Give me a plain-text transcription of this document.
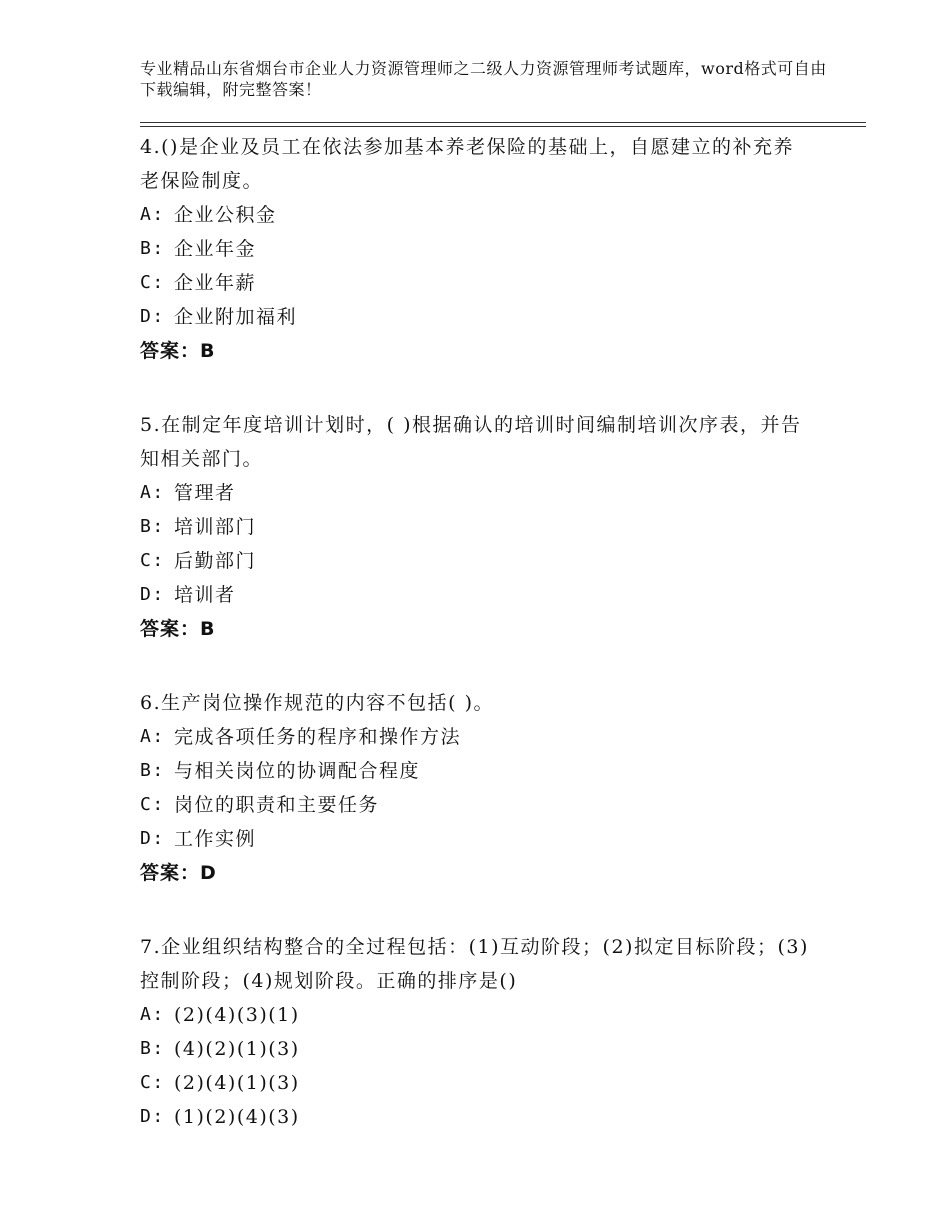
专业精品山东省烟台市企业人力资源管理师之二级人力资源管理师考试题库，word格式可自由下载编辑，附完整答案！
4.()是企业及员工在依法参加基本养老保险的基础上，自愿建立的补充养老保险制度。
A: 企业公积金
B: 企业年金
C: 企业年薪
D: 企业附加福利
答案：B
5.在制定年度培训计划时，( )根据确认的培训时间编制培训次序表，并告知相关部门。
A: 管理者
B: 培训部门
C: 后勤部门
D: 培训者
答案：B
6.生产岗位操作规范的内容不包括( )。
A: 完成各项任务的程序和操作方法
B: 与相关岗位的协调配合程度
C: 岗位的职责和主要任务
D: 工作实例
答案：D
7.企业组织结构整合的全过程包括：(1)互动阶段；(2)拟定目标阶段；(3)控制阶段；(4)规划阶段。正确的排序是()
A: (2)(4)(3)(1)
B: (4)(2)(1)(3)
C: (2)(4)(1)(3)
D: (1)(2)(4)(3)
